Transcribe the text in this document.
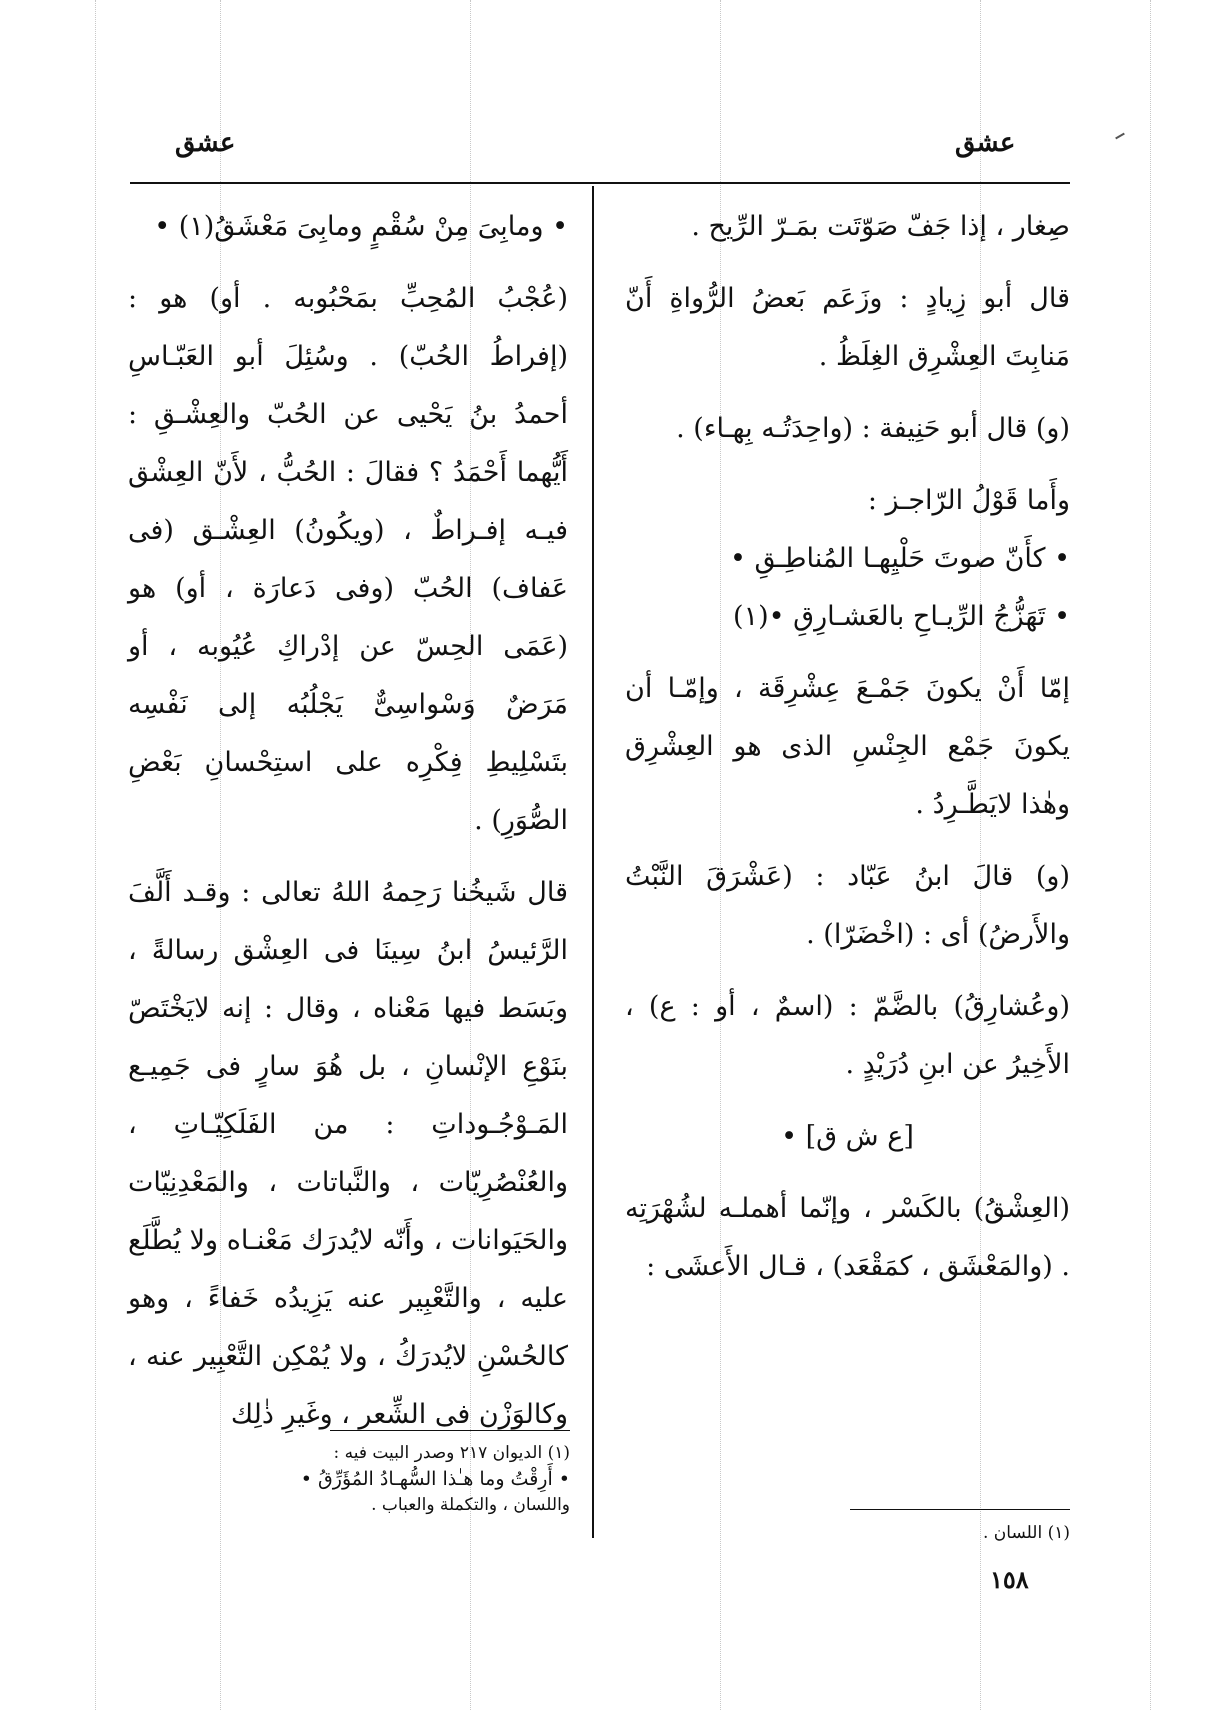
عشق	عشق

صِغار ، إذا جَفّ صَوّتَت بمَـرّ الرِّيح .

قال أبو زِيادٍ : وزَعَم بَعضُ الرُّواةِ أَنّ مَنابِتَ العِشْرِق الغِلَظُ .

(و) قال أبو حَنِيفة : (واحِدَتُـه بِهـاء) .

وأَما قَوْلُ الرّاجـز :

• كأَنّ صوتَ حَلْيِهـا المُناطِـقِ •

• تَهَزُّجُ الرِّيـاحِ بالعَشـارِقِ •(١)

إمّا أَنْ يكونَ جَمْـعَ عِشْرِقَة ، وإمّـا أن يكونَ جَمْع الجِنْسِ الذى هو العِشْرِق وهٰذا لايَطَّـرِدُ .

(و) قالَ ابنُ عَبّاد : (عَشْرَقَ النَّبْتُ والأَرضُ) أى : (اخْضَرّا) .

(وعُشارِقُ) بالضَّمّ : (اسمٌ ، أو : ع) ، الأَخِيرُ عن ابنِ دُرَيْدٍ .

[ع ش ق] •

(العِشْقُ) بالكَسْر ، وإنّما أهملـه لشُهْرَتِه . (والمَعْشَق ، كمَقْعَد) ، قـال الأَعشَى :

• ومابِىَ مِنْ سُقْمٍ ومابِىَ مَعْشَقُ(١) •

(عُجْبُ المُحِبِّ بمَحْبُوبه . أو) هو : (إفراطُ الحُبّ) . وسُئِلَ أبو العَبّـاسِ أحمدُ بنُ يَحْيى عن الحُبّ والعِشْـقِ : أَيُّهما أَحْمَدُ ؟ فقالَ : الحُبُّ ، لأَنّ العِشْق فيـه إفـراطٌ ، (ويكُونُ) العِشْـق (فى عَفاف) الحُبّ (وفى دَعارَة ، أو) هو (عَمَى الحِسّ عن إدْراكِ عُيُوبه ، أو مَرَضٌ وَسْواسِىٌّ يَجْلُبُه إلى نَفْسِه بتَسْلِيطِ فِكْرِه على استِحْسانِ بَعْضِ الصُّوَرِ) .

قال شَيخُنا رَحِمهُ اللهُ تعالى : وقـد أَلَّفَ الرَّئيسُ ابنُ سِينَا فى العِشْق رسالةً ، وبَسَط فيها مَعْناه ، وقال : إنه لايَخْتَصّ بنَوْعِ الإنْسانِ ، بل هُوَ سارٍ فى جَمِيـع المَـوْجُـوداتِ : من الفَلَكِيّـاتِ ، والعُنْصُرِيّات ، والنَّباتات ، والمَعْدِنِيّات والحَيَوانات ، وأَنّه لايُدرَك مَعْنـاه ولا يُطَّلَع عليه ، والتَّعْبِير عنه يَزِيدُه خَفاءً ، وهو كالحُسْنِ لايُدرَكُ ، ولا يُمْكِن التَّعْبِير عنه ، وكالوَزْن فى الشِّعر ، وغَيرِ ذٰلِك

(١) الديوان ٢١٧ وصدر البيت فيه :

• أَرِقْتُ وما هـٰذا السُّهـادُ المُؤَرِّقُ •

واللسان ، والتكملة والعباب .

(١) اللسان .

١٥٨
